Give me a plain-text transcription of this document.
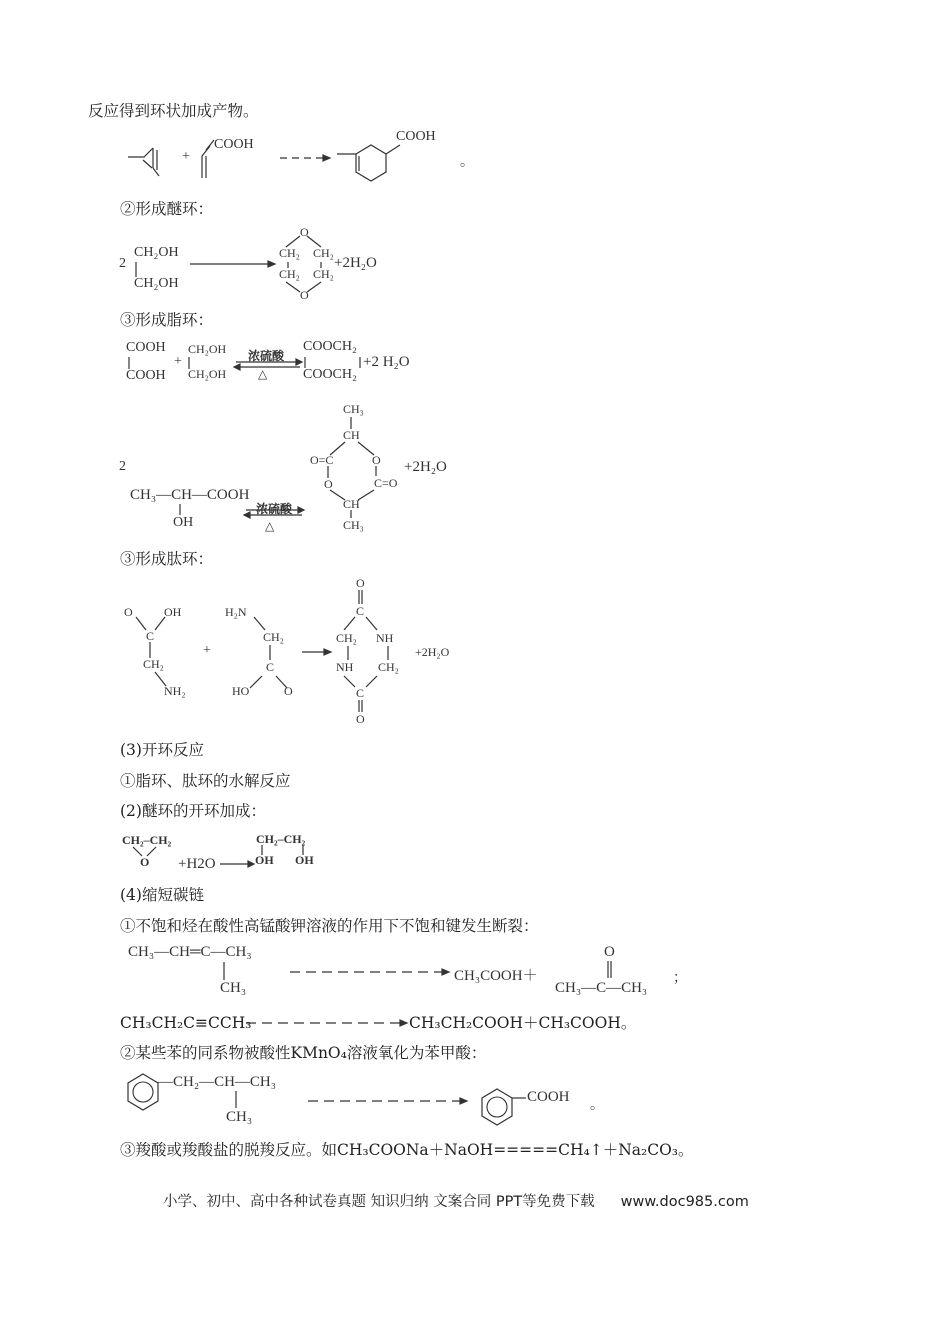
反应得到环状加成产物。
+
COOH
COOH
。
②形成醚环：
2
CH₂OH
CH₂OH
O
CH₂ CH₂
CH₂ CH₂
O
+2H₂O
③形成脂环：
COOH
COOH
+
CH₂OH
CH₂OH
浓硫酸
△
COOCH₂
COOCH₂
+2 H₂O
2
CH₃—CH—COOH
OH
浓硫酸
△
CH₃
CH
O=C	O
O	C=O
CH
CH₃
+2H₂O
③形成肽环：
O	OH
C
CH₂
NH₂
+
H₂N
CH₂
C
HO	O
O
C
CH₂ NH
NH CH₂
C
O
+2H₂O
(3)开环反应
①脂环、肽环的水解反应
(2)醚环的开环加成：
CH₂–CH₂
O +H2O
CH₂–CH₂
OH OH
(4)缩短碳链
①不饱和烃在酸性高锰酸钾溶液的作用下不饱和键发生断裂：
CH₃—CH═C—CH₃
CH₃
CH₃COOH＋
O
CH₃—C—CH₃
；
CH₃CH₂C≡CCH₃	CH₃CH₂COOH＋CH₃COOH。
②某些苯的同系物被酸性KMnO₄溶液氧化为苯甲酸：
—CH₂—CH—CH₃
CH₃
COOH
。
③羧酸或羧酸盐的脱羧反应。如CH₃COONa＋NaOH=====CH₄↑＋Na₂CO₃。
小学、初中、高中各种试卷真题 知识归纳 文案合同 PPT等免费下载 www.doc985.com
